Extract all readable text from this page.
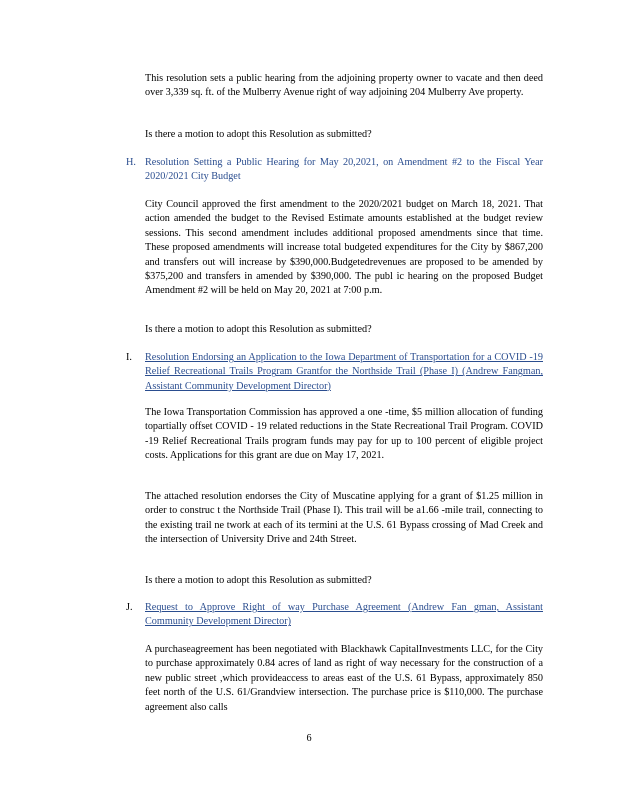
This resolution sets a public hearing from the adjoining property owner to vacate and then deed over 3,339 sq. ft. of the Mulberry Avenue right of way adjoining 204 Mulberry Ave property.

Is there a motion to adopt this Resolution as submitted?

H. Resolution Setting a Public Hearing for May 20,2021, on Amendment #2 to the Fiscal Year 2020/2021 City Budget

City Council approved the first amendment to the 2020/2021 budget on March 18, 2021. That action amended the budget to the Revised Estimate amounts established at the budget review sessions. This second amendment includes additional proposed amendments since that time. These proposed amendments will increase total budgeted expenditures for the City by $867,200 and transfers out will increase by $390,000.Budgetedrevenues are proposed to be amended by $375,200 and transfers in amended by $390,000. The publ ic hearing on the proposed Budget Amendment #2 will be held on May 20, 2021 at 7:00 p.m.

Is there a motion to adopt this Resolution as submitted?

I. Resolution Endorsing an Application to the Iowa Department of Transportation for a COVID -19 Relief Recreational Trails Program Grantfor the Northside Trail (Phase I) (Andrew Fangman, Assistant Community Development Director)

The Iowa Transportation Commission has approved a one -time, $5 million allocation of funding topartially offset COVID - 19 related reductions in the State Recreational Trail Program. COVID -19 Relief Recreational Trails program funds may pay for up to 100 percent of eligible project costs. Applications for this grant are due on May 17, 2021.

The attached resolution endorses the City of Muscatine applying for a grant of $1.25 million in order to construc t the Northside Trail (Phase I). This trail will be a1.66 -mile trail, connecting to the existing trail ne twork at each of its termini at the U.S. 61 Bypass crossing of Mad Creek and the intersection of University Drive and 24th Street.

Is there a motion to adopt this Resolution as submitted?

J. Request to Approve Right of way Purchase Agreement (Andrew Fan gman, Assistant Community Development Director)

A purchaseagreement has been negotiated with Blackhawk CapitalInvestments LLC, for the City to purchase approximately 0.84 acres of land as right of way necessary for the construction of a new public street ,which provideaccess to areas east of the U.S. 61 Bypass, approximately 850 feet north of the U.S. 61/Grandview intersection. The purchase price is $110,000. The purchase agreement also calls

6
